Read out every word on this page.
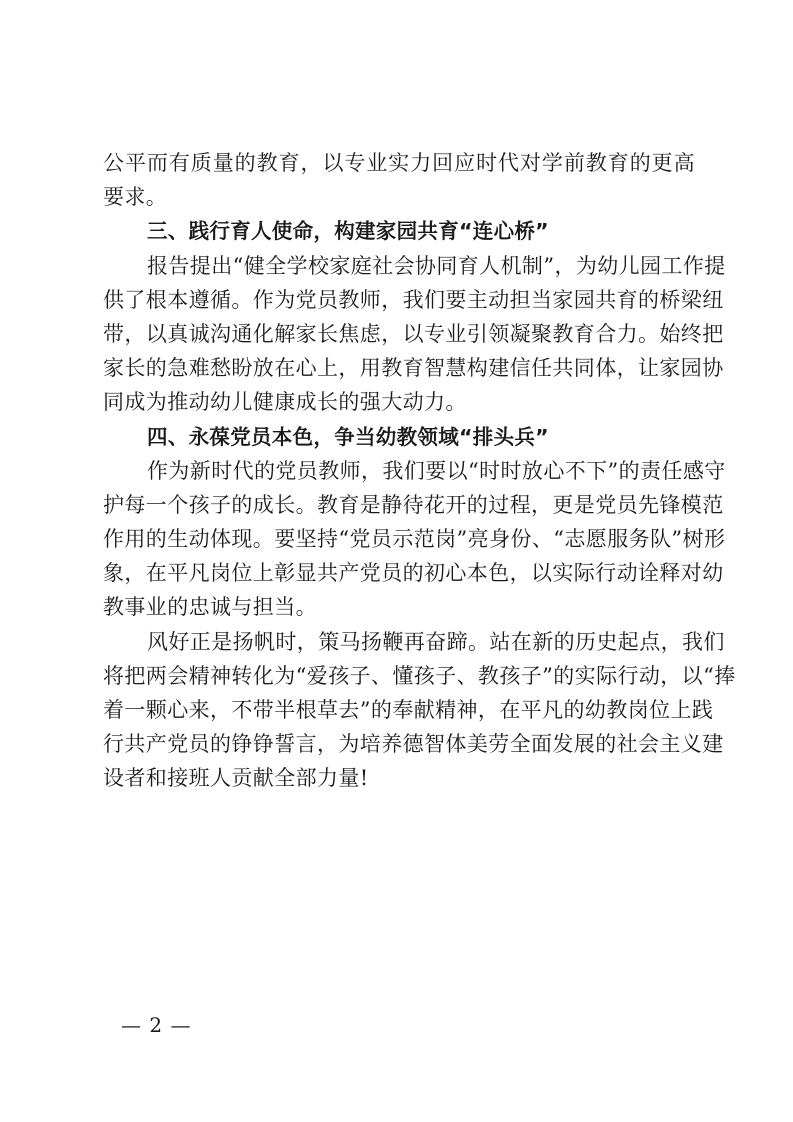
公平而有质量的教育，以专业实力回应时代对学前教育的更高
要求。
三、践行育人使命，构建家园共育“连心桥”
报告提出“健全学校家庭社会协同育人机制”，为幼儿园工作提
供了根本遵循。作为党员教师，我们要主动担当家园共育的桥梁纽
带，以真诚沟通化解家长焦虑，以专业引领凝聚教育合力。始终把
家长的急难愁盼放在心上，用教育智慧构建信任共同体，让家园协
同成为推动幼儿健康成长的强大动力。
四、永葆党员本色，争当幼教领域“排头兵”
作为新时代的党员教师，我们要以“时时放心不下”的责任感守
护每一个孩子的成长。教育是静待花开的过程，更是党员先锋模范
作用的生动体现。要坚持“党员示范岗”亮身份、“志愿服务队”树形
象，在平凡岗位上彰显共产党员的初心本色，以实际行动诠释对幼
教事业的忠诚与担当。
风好正是扬帆时，策马扬鞭再奋蹄。站在新的历史起点，我们
将把两会精神转化为“爱孩子、懂孩子、教孩子”的实际行动，以“捧
着一颗心来，不带半根草去”的奉献精神，在平凡的幼教岗位上践
行共产党员的铮铮誓言，为培养德智体美劳全面发展的社会主义建
设者和接班人贡献全部力量!
— 2 —
